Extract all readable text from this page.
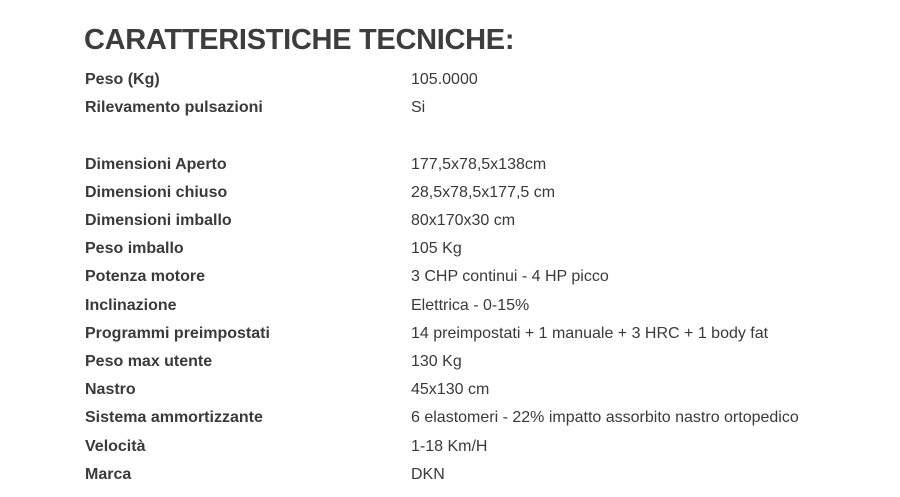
CARATTERISTICHE TECNICHE:
Peso (Kg)	105.0000
Rilevamento pulsazioni	Si
Dimensioni Aperto	177,5x78,5x138cm
Dimensioni chiuso	28,5x78,5x177,5 cm
Dimensioni imballo	80x170x30 cm
Peso imballo	105 Kg
Potenza motore	3 CHP continui - 4 HP picco
Inclinazione	Elettrica - 0-15%
Programmi preimpostati	14 preimpostati + 1 manuale + 3 HRC + 1 body fat
Peso max utente	130 Kg
Nastro	45x130 cm
Sistema ammortizzante	6 elastomeri - 22% impatto assorbito nastro ortopedico
Velocità	1-18 Km/H
Marca	DKN
